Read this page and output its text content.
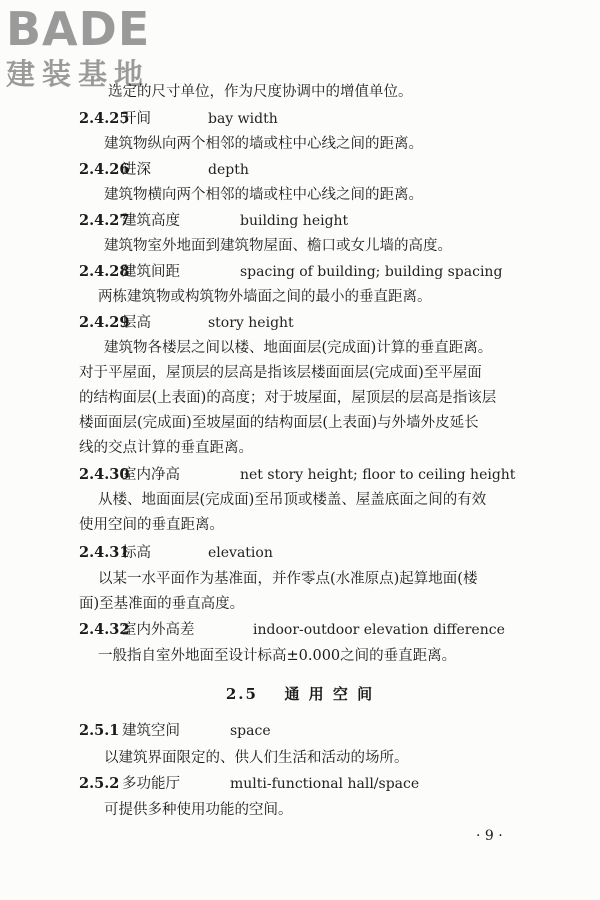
BADE
建装基地
选定的尺寸单位，作为尺度协调中的增值单位。
2.4.25
开间	bay width
建筑物纵向两个相邻的墙或柱中心线之间的距离。
2.4.26
进深	depth
建筑物横向两个相邻的墙或柱中心线之间的距离。
2.4.27
建筑高度	building height
建筑物室外地面到建筑物屋面、檐口或女儿墙的高度。
2.4.28
建筑间距	spacing of building; building spacing
两栋建筑物或构筑物外墙面之间的最小的垂直距离。
2.4.29
层高	story height
建筑物各楼层之间以楼、地面面层(完成面)计算的垂直距离。
对于平屋面，屋顶层的层高是指该层楼面面层(完成面)至平屋面
的结构面层(上表面)的高度；对于坡屋面，屋顶层的层高是指该层
楼面面层(完成面)至坡屋面的结构面层(上表面)与外墙外皮延长
线的交点计算的垂直距离。
2.4.30
室内净高	net story height; floor to ceiling height
从楼、地面面层(完成面)至吊顶或楼盖、屋盖底面之间的有效
使用空间的垂直距离。
2.4.31
标高	elevation
以某一水平面作为基准面，并作零点(水准原点)起算地面(楼
面)至基准面的垂直高度。
2.4.32
室内外高差	indoor-outdoor elevation difference
一般指自室外地面至设计标高±0.000之间的垂直距离。
2.5 通 用 空 间
2.5.1 建筑空间	space
以建筑界面限定的、供人们生活和活动的场所。
2.5.2 多功能厅	multi-functional hall/space
可提供多种使用功能的空间。
· 9 ·
